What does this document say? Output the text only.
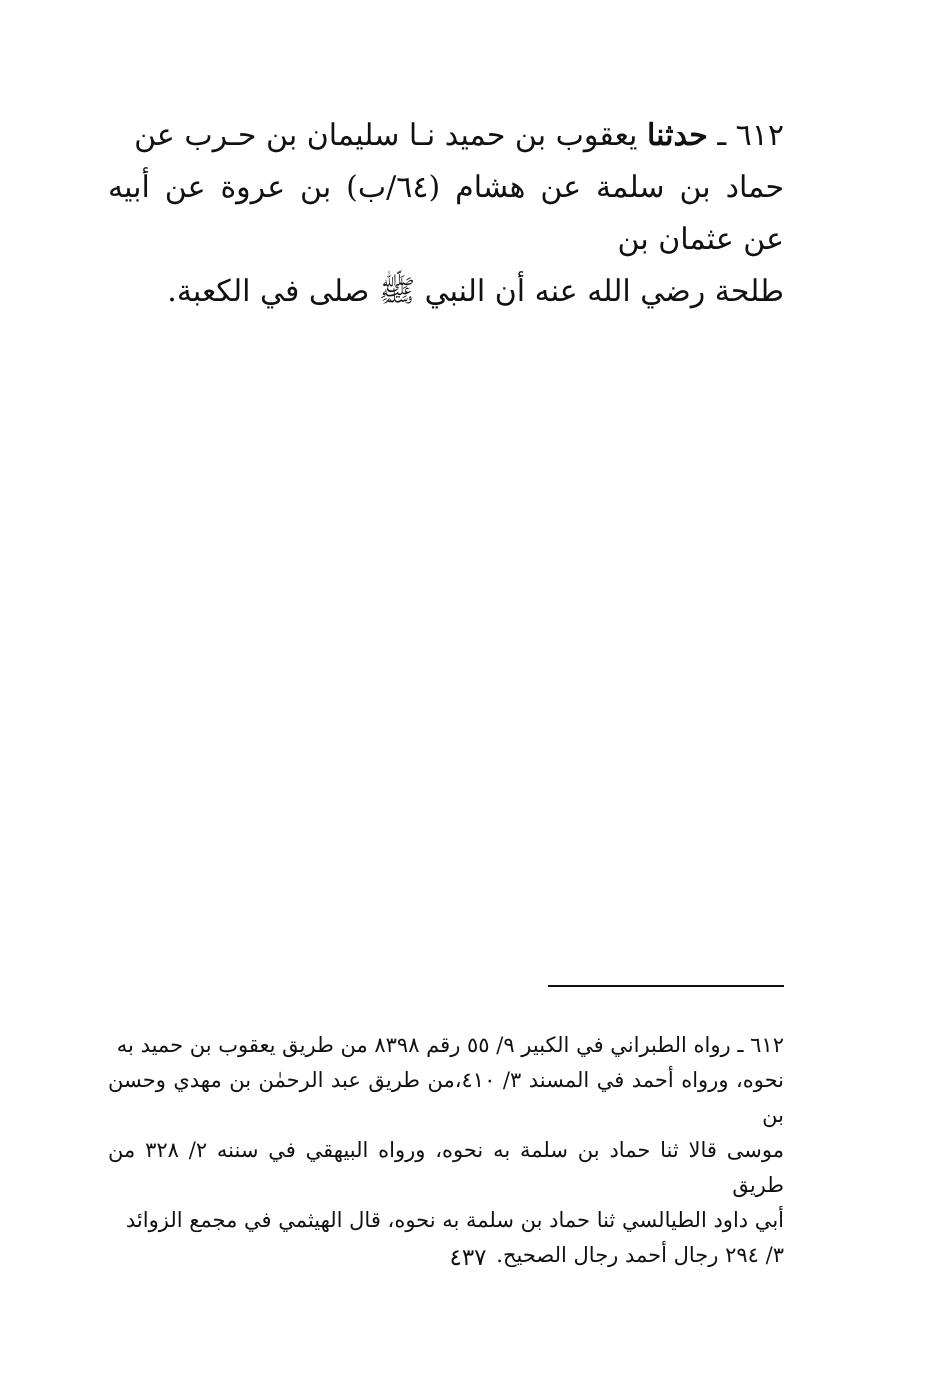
٦١٢ ـ حدثنا يعقوب بن حميد نـا سليمان بن حـرب عن
حماد بن سلمة عن هشام (٦٤/ب) بن عروة عن أبيه عن عثمان بن
طلحة رضي الله عنه أن النبي ﷺ صلى في الكعبة.
٦١٢ ـ رواه الطبراني في الكبير ٩/ ٥٥ رقم ٨٣٩٨ من طريق يعقوب بن حميد به
نحوه، ورواه أحمد في المسند ٣/ ٤١٠،من طريق عبد الرحمٰن بن مهدي وحسن بن
موسى قالا ثنا حماد بن سلمة به نحوه، ورواه البيهقي في سننه ٢/ ٣٢٨ من طريق
أبي داود الطيالسي ثنا حماد بن سلمة به نحوه، قال الهيثمي في مجمع الزوائد
٣/ ٢٩٤ رجال أحمد رجال الصحيح.
٤٣٧
